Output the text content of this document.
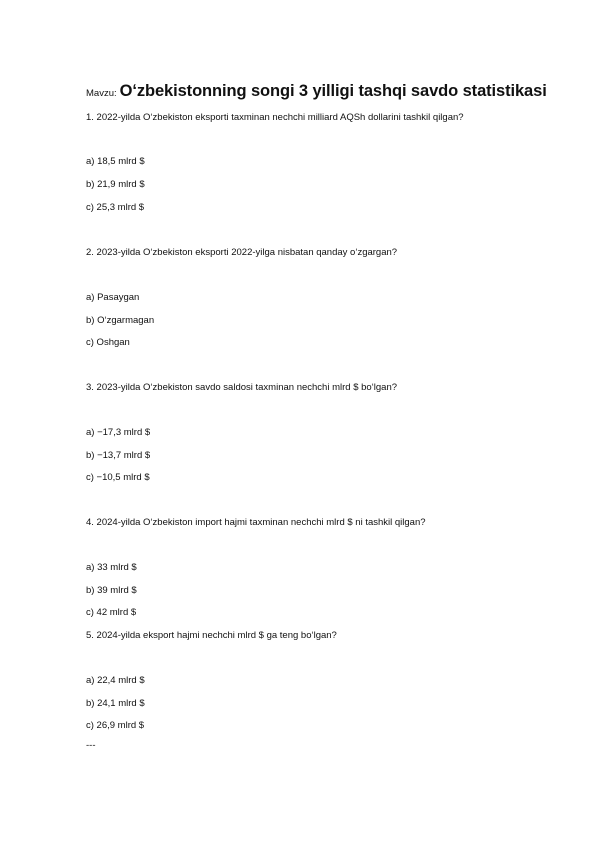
Mavzu: Oʻzbekistonning songi 3 yilligi tashqi savdo statistikasi
1. 2022-yilda Oʻzbekiston eksporti taxminan nechchi milliard AQSh dollarini tashkil qilgan?
a) 18,5 mlrd $
b) 21,9 mlrd $
c) 25,3 mlrd $
2. 2023-yilda Oʻzbekiston eksporti 2022-yilga nisbatan qanday oʻzgargan?
a) Pasaygan
b) Oʻzgarmagan
c) Oshgan
3. 2023-yilda Oʻzbekiston savdo saldosi taxminan nechchi mlrd $ boʻlgan?
a) −17,3 mlrd $
b) −13,7 mlrd $
c) −10,5 mlrd $
4. 2024-yilda Oʻzbekiston import hajmi taxminan nechchi mlrd $ ni tashkil qilgan?
a) 33 mlrd $
b) 39 mlrd $
c) 42 mlrd $
5. 2024-yilda eksport hajmi nechchi mlrd $ ga teng boʻlgan?
a) 22,4 mlrd $
b) 24,1 mlrd $
c) 26,9 mlrd $
---
